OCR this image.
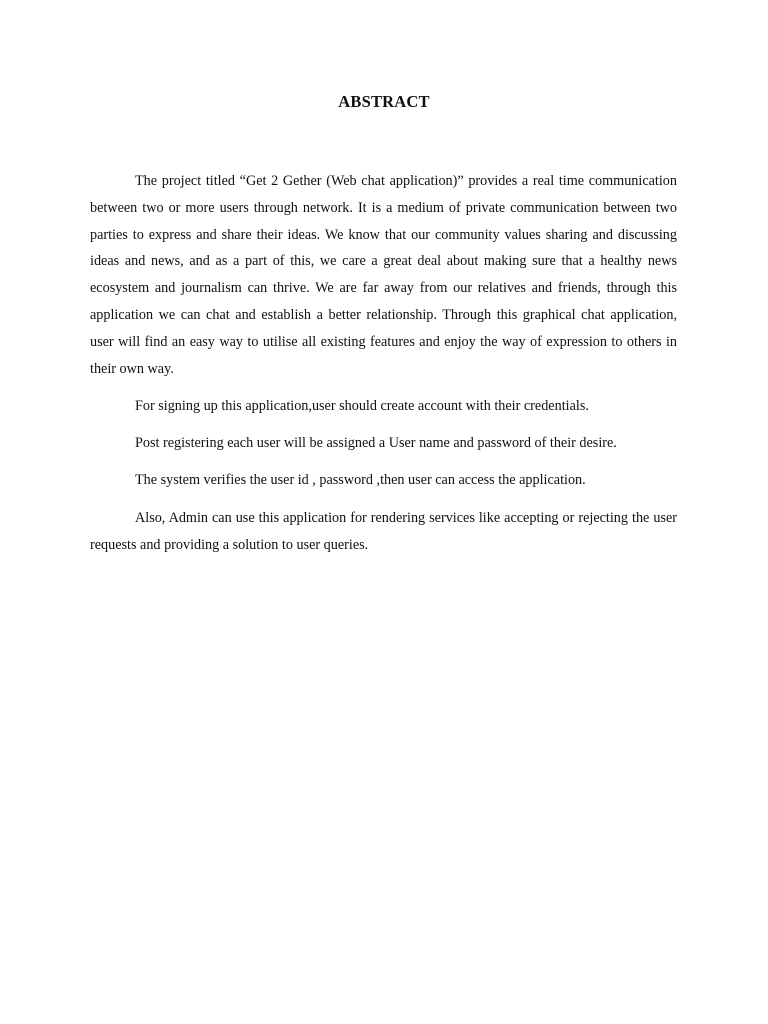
ABSTRACT

The project titled “Get 2 Gether (Web chat application)” provides a real time communication between two or more users through network. It is a medium of private communication between two parties to express and share their ideas. We know that our community values sharing and discussing ideas and news, and as a part of this, we care a great deal about making sure that a healthy news ecosystem and journalism can thrive. We are far away from our relatives and friends, through this application we can chat and establish a better relationship. Through this graphical chat application, user will find an easy way to utilise all existing features and enjoy the way of expression to others in their own way.

For signing up this application,user should create account with their credentials.

Post registering each user will be assigned a User name and password of their desire.

The system verifies the user id , password ,then user can access the application.

Also, Admin can use this application for rendering services like accepting or rejecting the user requests and providing a solution to user queries.
